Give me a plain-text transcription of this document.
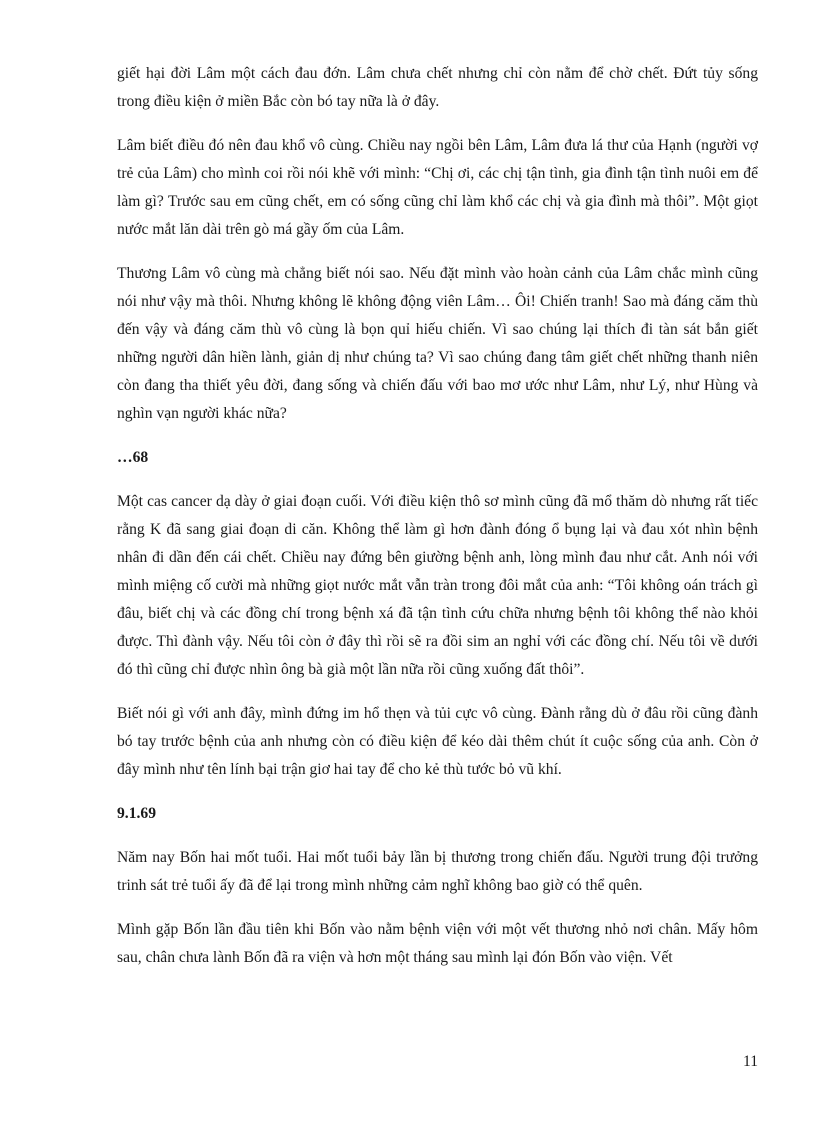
giết hại đời Lâm một cách đau đớn. Lâm chưa chết nhưng chỉ còn nằm để chờ chết. Đứt tủy sống trong điều kiện ở miền Bắc còn bó tay nữa là ở đây.

Lâm biết điều đó nên đau khổ vô cùng. Chiều nay ngồi bên Lâm, Lâm đưa lá thư của Hạnh (người vợ trẻ của Lâm) cho mình coi rồi nói khẽ với mình: “Chị ơi, các chị tận tình, gia đình tận tình nuôi em để làm gì? Trước sau em cũng chết, em có sống cũng chỉ làm khổ các chị và gia đình mà thôi”. Một giọt nước mắt lăn dài trên gò má gầy ốm của Lâm.

Thương Lâm vô cùng mà chẳng biết nói sao. Nếu đặt mình vào hoàn cảnh của Lâm chắc mình cũng nói như vậy mà thôi. Nhưng không lẽ không động viên Lâm… Ôi! Chiến tranh! Sao mà đáng căm thù đến vậy và đáng căm thù vô cùng là bọn quỉ hiếu chiến. Vì sao chúng lại thích đi tàn sát bắn giết những người dân hiền lành, giản dị như chúng ta? Vì sao chúng đang tâm giết chết những thanh niên còn đang tha thiết yêu đời, đang sống và chiến đấu với bao mơ ước như Lâm, như Lý, như Hùng và nghìn vạn người khác nữa?

…68

Một cas cancer dạ dày ở giai đoạn cuối. Với điều kiện thô sơ mình cũng đã mổ thăm dò nhưng rất tiếc rằng K đã sang giai đoạn di căn. Không thể làm gì hơn đành đóng ổ bụng lại và đau xót nhìn bệnh nhân đi dần đến cái chết. Chiều nay đứng bên giường bệnh anh, lòng mình đau như cắt. Anh nói với mình miệng cố cười mà những giọt nước mắt vẫn tràn trong đôi mắt của anh: “Tôi không oán trách gì đâu, biết chị và các đồng chí trong bệnh xá đã tận tình cứu chữa nhưng bệnh tôi không thể nào khỏi được. Thì đành vậy. Nếu tôi còn ở đây thì rồi sẽ ra đồi sim an nghỉ với các đồng chí. Nếu tôi về dưới đó thì cũng chỉ được nhìn ông bà già một lần nữa rồi cũng xuống đất thôi”.

Biết nói gì với anh đây, mình đứng im hổ thẹn và tủi cực vô cùng. Đành rằng dù ở đâu rồi cũng đành bó tay trước bệnh của anh nhưng còn có điều kiện để kéo dài thêm chút ít cuộc sống của anh. Còn ở đây mình như tên lính bại trận giơ hai tay để cho kẻ thù tước bỏ vũ khí.

9.1.69

Năm nay Bốn hai mốt tuổi. Hai mốt tuổi bảy lần bị thương trong chiến đấu. Người trung đội trưởng trinh sát trẻ tuổi ấy đã để lại trong mình những cảm nghĩ không bao giờ có thể quên.

Mình gặp Bốn lần đầu tiên khi Bốn vào nằm bệnh viện với một vết thương nhỏ nơi chân. Mấy hôm sau, chân chưa lành Bốn đã ra viện và hơn một tháng sau mình lại đón Bốn vào viện. Vết

11
